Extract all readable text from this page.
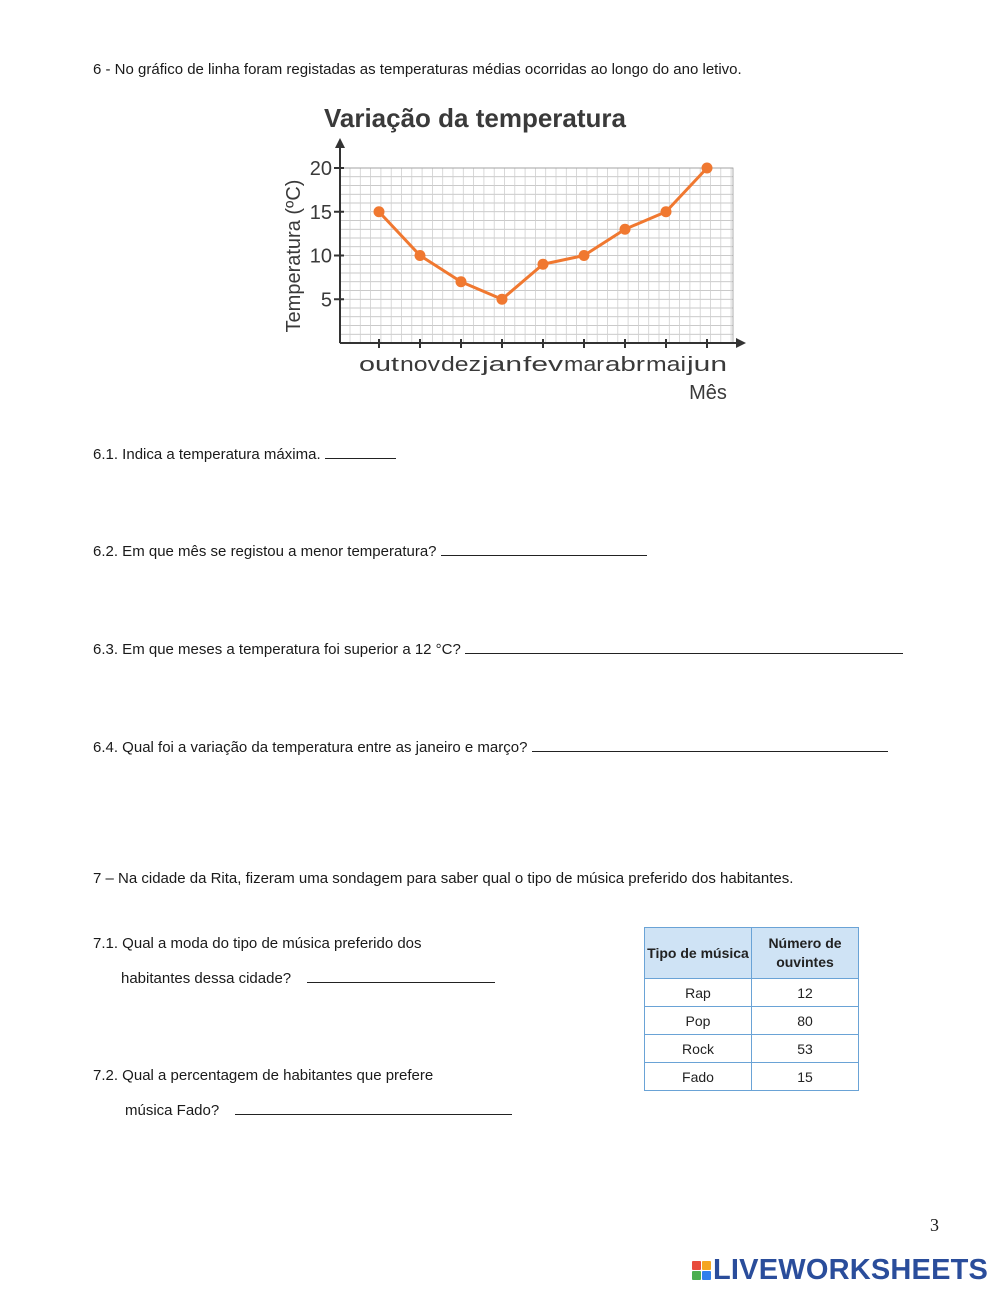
6 - No gráfico de linha foram registadas as temperaturas médias ocorridas ao longo do ano letivo.
Variação da temperatura
Temperatura (ºC) 5
10
15
20
out nov dez jan fev mar abr mai jun
Mês
6.1. Indica a temperatura máxima.
6.2. Em que mês se registou a menor temperatura?
6.3. Em que meses a temperatura foi superior a 12 °C?
6.4. Qual foi a variação da temperatura entre as janeiro e março?
7 – Na cidade da Rita, fizeram uma sondagem para saber qual o tipo de música preferido dos habitantes.
7.1. Qual a moda do tipo de música preferido dos
habitantes dessa cidade?
7.2. Qual a percentagem de habitantes que prefere
música Fado?
Tipo de música	Número de ouvintes
Rap	12
Pop	80
Rock	53
Fado	15
3
LIVEWORKSHEETS
